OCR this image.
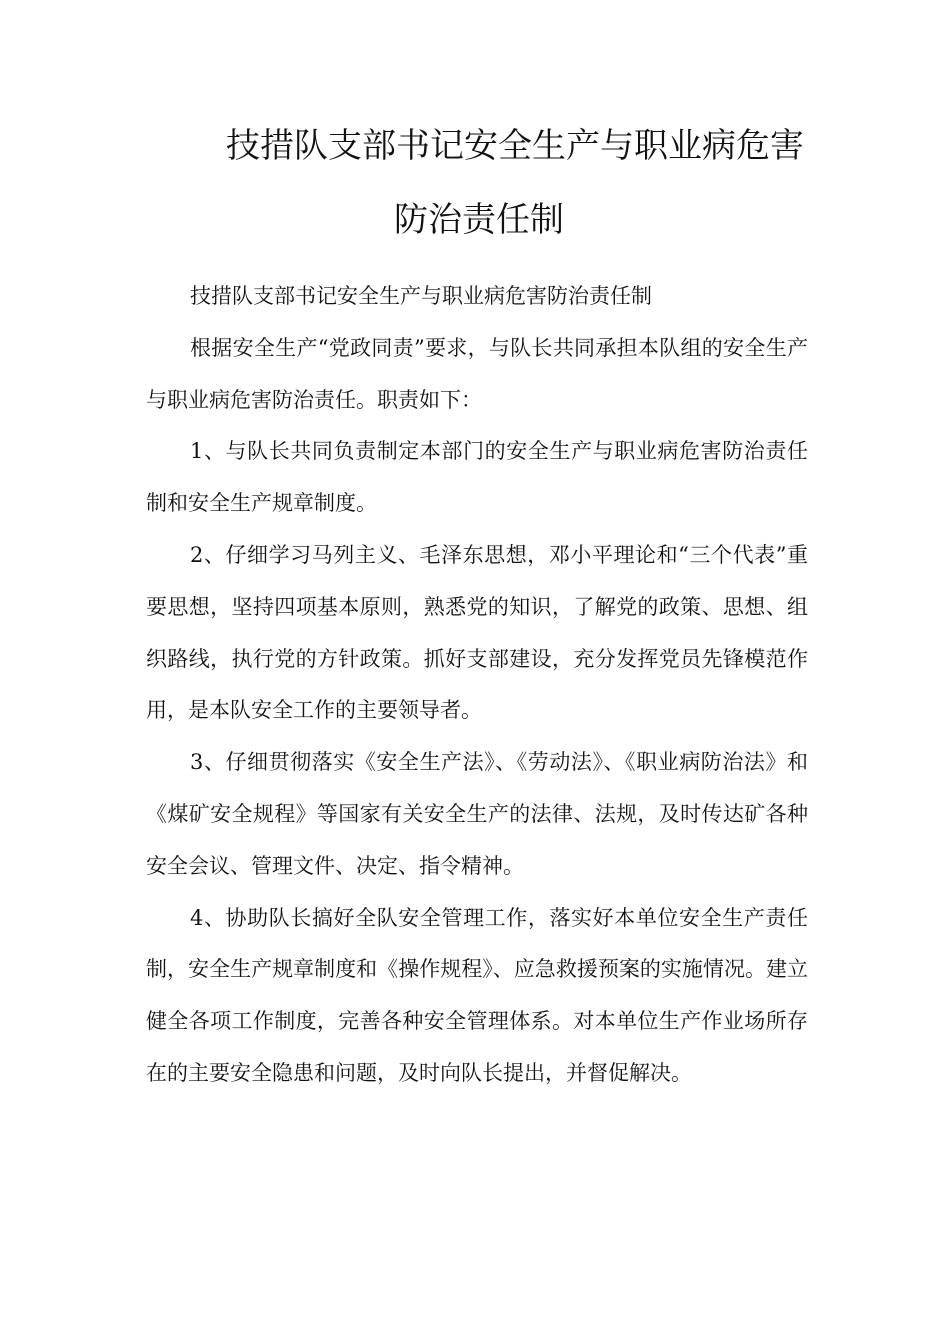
技措队支部书记安全生产与职业病危害
防治责任制

技措队支部书记安全生产与职业病危害防治责任制

根据安全生产“党政同责”要求，与队长共同承担本队组的安全生产与职业病危害防治责任。职责如下：

1、与队长共同负责制定本部门的安全生产与职业病危害防治责任制和安全生产规章制度。

2、仔细学习马列主义、毛泽东思想，邓小平理论和“三个代表”重要思想，坚持四项基本原则，熟悉党的知识，了解党的政策、思想、组织路线，执行党的方针政策。抓好支部建设，充分发挥党员先锋模范作用，是本队安全工作的主要领导者。

3、仔细贯彻落实《安全生产法》、《劳动法》、《职业病防治法》和《煤矿安全规程》等国家有关安全生产的法律、法规，及时传达矿各种安全会议、管理文件、决定、指令精神。

4、协助队长搞好全队安全管理工作，落实好本单位安全生产责任制，安全生产规章制度和《操作规程》、应急救援预案的实施情况。建立健全各项工作制度，完善各种安全管理体系。对本单位生产作业场所存在的主要安全隐患和问题，及时向队长提出，并督促解决。
